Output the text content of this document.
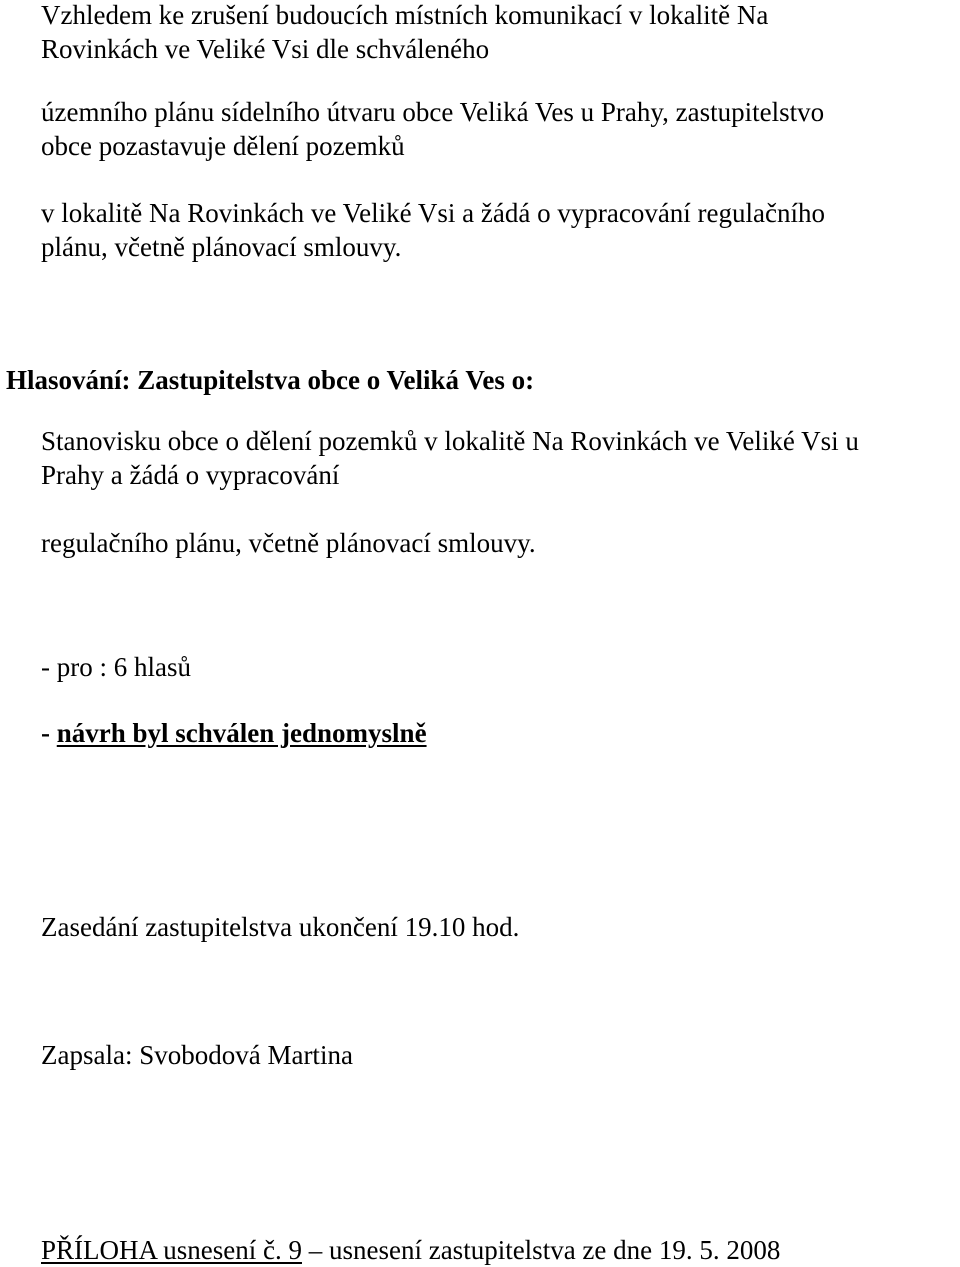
Vzhledem ke zrušení budoucích místních komunikací v lokalitě Na
Rovinkách ve Veliké Vsi dle schváleného
územního plánu sídelního útvaru obce Veliká Ves u Prahy, zastupitelstvo
obce pozastavuje dělení pozemků
v lokalitě Na Rovinkách ve Veliké Vsi a žádá o vypracování regulačního
plánu, včetně plánovací smlouvy.
Hlasování: Zastupitelstva obce o Veliká Ves o:
Stanovisku obce o dělení pozemků v lokalitě Na Rovinkách ve Veliké Vsi u
Prahy a žádá o vypracování
regulačního plánu, včetně plánovací smlouvy.
- pro : 6 hlasů
- návrh byl schválen jednomyslně
Zasedání zastupitelstva ukončení 19.10 hod.
Zapsala: Svobodová Martina
PŘÍLOHA usnesení č. 9 – usnesení zastupitelstva ze dne 19. 5. 2008
